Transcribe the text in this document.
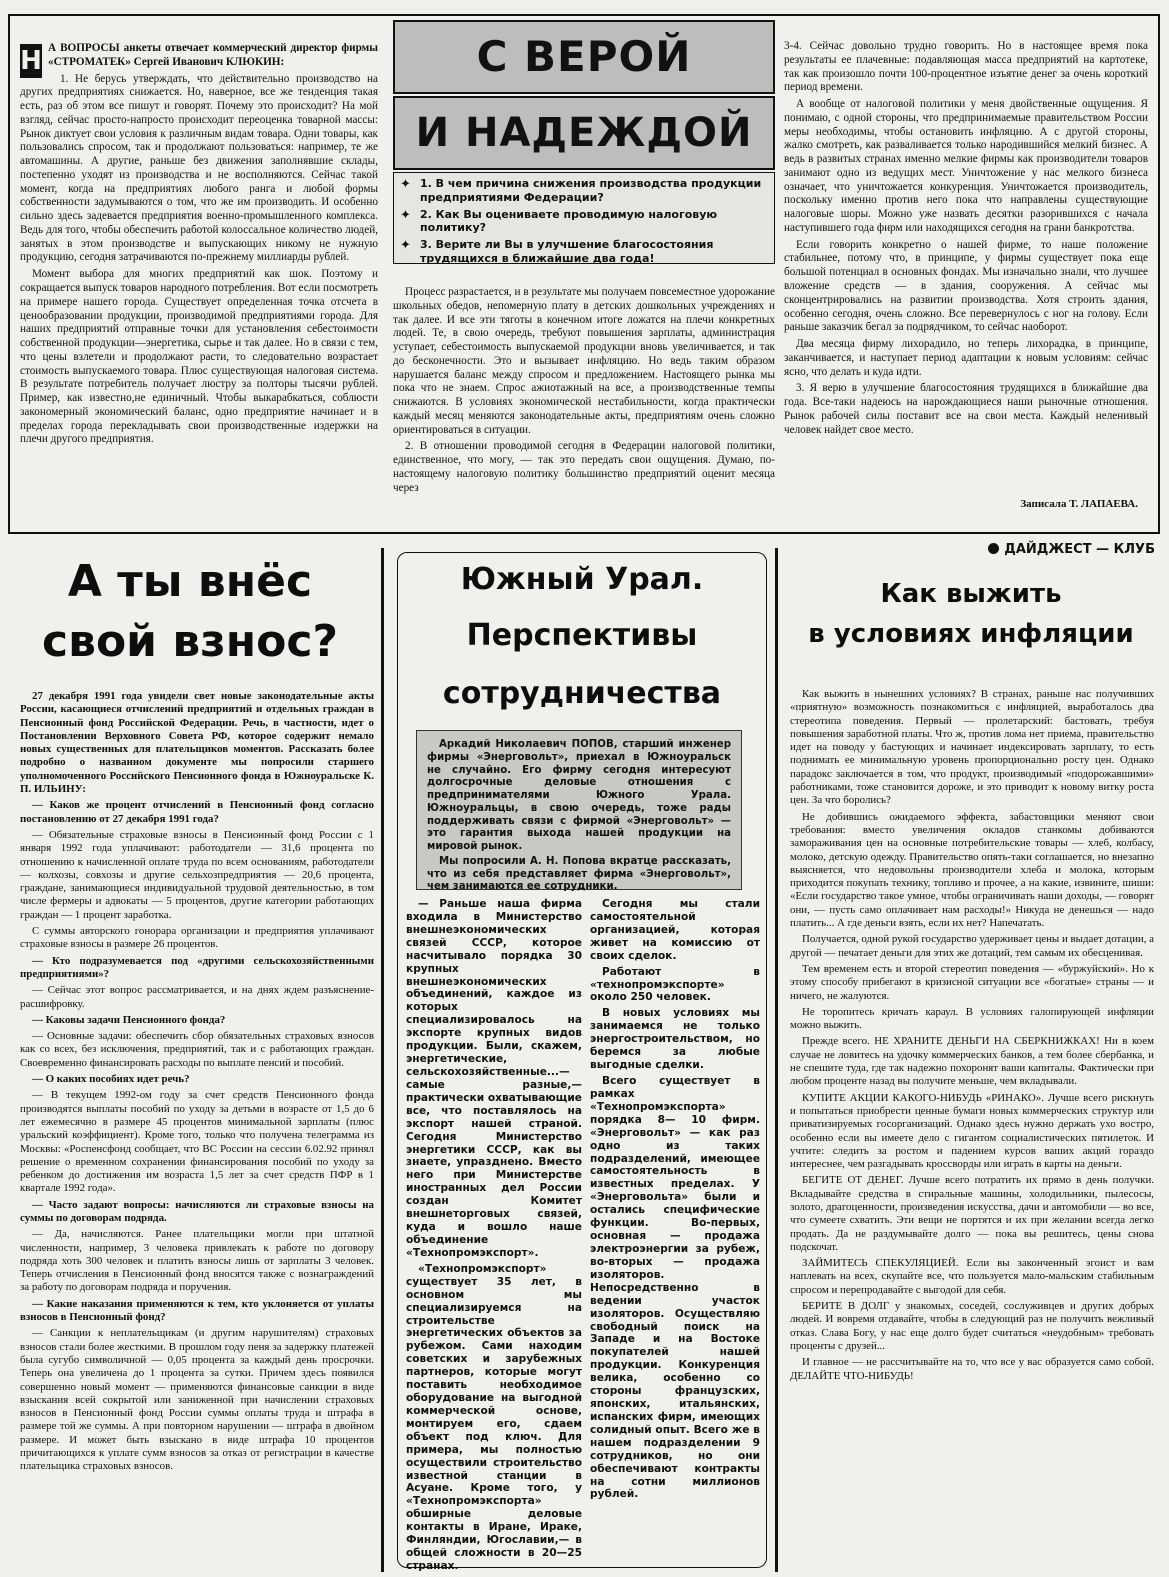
Н А ВОПРОСЫ анкеты отвечает коммерческий директор фирмы «СТРОМАТЕК» Сергей Иванович КЛЮКИН:

1. Не берусь утверждать, что действительно производство на других предприятиях снижается. Но, наверное, все же тенденция такая есть, раз об этом все пишут и говорят. Почему это происходит? На мой взгляд, сейчас просто-напросто происходит переоценка товарной массы: Рынок диктует свои условия к различным видам товара. Одни товары, как пользовались спросом, так и продолжают пользоваться: например, те же автомашины. А другие, раньше без движения заполнявшие склады, постепенно уходят из производства и не восполняются. Сейчас такой момент, когда на предприятиях любого ранга и любой формы собственности задумываются о том, что же им производить. И особенно сильно здесь задевается предприятия военно-промышленного комплекса. Ведь для того, чтобы обеспечить работой колоссальное количество людей, занятых в этом производстве и выпускающих никому не нужную продукцию, сегодня затрачиваются по-прежнему миллиарды рублей.

Момент выбора для многих предприятий как шок. Поэтому и сокращается выпуск товаров народного потребления. Вот если посмотреть на примере нашего города. Существует определенная точка отсчета в ценообразовании продукции, производимой предприятиями города. Для наших предприятий отправные точки для установления себестоимости собственной продукции—энергетика, сырье и так далее. Но в связи с тем, что цены взлетели и продолжают расти, то следовательно возрастает стоимость выпускаемого товара. Плюс существующая налоговая система. В результате потребитель получает люстру за полторы тысячи рублей. Пример, как известно,не единичный. Чтобы выкарабкаться, соблюсти закономерный экономический баланс, одно предприятие начинает и в пределах города перекладывать свои производственные издержки на плечи другого предприятия.

С ВЕРОЙ
И НАДЕЖДОЙ
✦ 1. В чем причина снижения производства продукции предприятиями Федерации?
✦ 2. Как Вы оцениваете проводимую налоговую политику?
✦ 3. Верите ли Вы в улучшение благосостояния трудящихся в ближайшие два года!

Процесс разрастается, и в результате мы получаем повсеместное удорожание школьных обедов, непомерную плату в детских дошкольных учреждениях и так далее. И все эти тяготы в конечном итоге ложатся на плечи конкретных людей. Те, в свою очередь, требуют повышения зарплаты, администрация уступает, себестоимость выпускаемой продукции вновь увеличивается, и так до бесконечности. Это и вызывает инфляцию. Но ведь таким образом нарушается баланс между спросом и предложением. Настоящего рынка мы пока что не знаем. Спрос ажиотажный на все, а производственные темпы снижаются. В условиях экономической нестабильности, когда практически каждый месяц меняются законодательные акты, предприятиям очень сложно ориентироваться в ситуации.

2. В отношении проводимой сегодня в Федерации налоговой политики, единственное, что могу, — так это передать свои ощущения. Думаю, по-настоящему налоговую политику большинство предприятий оценит месяца через

3-4. Сейчас довольно трудно говорить. Но в настоящее время пока результаты ее плачевные: подавляющая масса предприятий на картотеке, так как произошло почти 100-процентное изъятие денег за очень короткий период времени.

А вообще от налоговой политики у меня двойственные ощущения. Я понимаю, с одной стороны, что предпринимаемые правительством России меры необходимы, чтобы остановить инфляцию. А с другой стороны, жалко смотреть, как разваливается только народившийся мелкий бизнес. А ведь в развитых странах именно мелкие фирмы как производители товаров занимают одно из ведущих мест. Уничтожение у нас мелкого бизнеса означает, что уничтожается конкуренция. Уничтожается производитель, поскольку именно против него пока что направлены существующие налоговые шоры. Можно уже назвать десятки разорившихся с начала наступившего года фирм или находящихся сегодня на грани банкротства.

Если говорить конкретно о нашей фирме, то наше положение стабильнее, потому что, в принципе, у фирмы существует пока еще большой потенциал в основных фондах. Мы изначально знали, что лучшее вложение средств — в здания, сооружения. А сейчас мы сконцентрировались на развитии производства. Хотя строить здания, особенно сегодня, очень сложно. Все перевернулось с ног на голову. Если раньше заказчик бегал за подрядчиком, то сейчас наоборот.

Два месяца фирму лихорадило, но теперь лихорадка, в принципе, заканчивается, и наступает период адаптации к новым условиям: сейчас ясно, что делать и куда идти.

3. Я верю в улучшение благосостояния трудящихся в ближайшие два года. Все-таки надеюсь на нарождающиеся наши рыночные отношения. Рынок рабочей силы поставит все на свои места. Каждый неленивый человек найдет свое место.

Записала Т. ЛАПАЕВА.
А ты внёс
свой взнос?

27 декабря 1991 года увидели свет новые законодательные акты России, касающиеся отчислений предприятий и отдельных граждан в Пенсионный фонд Российской Федерации. Речь, в частности, идет о Постановлении Верховного Совета РФ, которое содержит немало новых существенных для плательщиков моментов. Рассказать более подробно о названном документе мы попросили старшего уполномоченного Российского Пенсионного фонда в Южноуральске К. П. ИЛЬИНУ:

— Каков же процент отчислений в Пенсионный фонд согласно постановлению от 27 декабря 1991 года?

— Обязательные страховые взносы в Пенсионный фонд России с 1 января 1992 года уплачивают: работодатели — 31,6 процента по отношению к начисленной оплате труда по всем основаниям, работодатели — колхозы, совхозы и другие сельхозпредприятия — 20,6 процента, граждане, занимающиеся индивидуальной трудовой деятельностью, в том числе фермеры и адвокаты — 5 процентов, другие категории работающих граждан — 1 процент заработка.

С суммы авторского гонорара организации и предприятия уплачивают страховые взносы в размере 26 процентов.

— Кто подразумевается под «другими сельскохозяйственными предприятиями»?

— Сейчас этот вопрос рассматривается, и на днях ждем разъяснение-расшифровку.

— Каковы задачи Пенсионного фонда?

— Основные задачи: обеспечить сбор обязательных страховых взносов как со всех, без исключения, предприятий, так и с работающих граждан. Своевременно финансировать расходы по выплате пенсий и пособий.

— О каких пособиях идет речь?

— В текущем 1992-ом году за счет средств Пенсионного фонда производятся выплаты пособий по уходу за детьми в возрасте от 1,5 до 6 лет ежемесячно в размере 45 процентов минимальной зарплаты (плюс уральский коэффициент). Кроме того, только что получена телеграмма из Москвы: «Роспенсфонд сообщает, что ВС России на сессии 6.02.92 принял решение о временном сохранении финансирования пособий по уходу за ребенком до достижения им возраста 1,5 лет за счет средств ПФР в 1 квартале 1992 года».

— Часто задают вопросы: начисляются ли страховые взносы на суммы по договорам подряда.

— Да, начисляются. Ранее плательщики могли при штатной численности, например, 3 человека привлекать к работе по договору подряда хоть 300 человек и платить взносы лишь от зарплаты 3 человек. Теперь отчисления в Пенсионный фонд вносятся также с вознаграждений за работу по договорам подряда и поручения.

— Какие наказания применяются к тем, кто уклоняется от уплаты взносов в Пенсионный фонд?

— Санкции к неплательщикам (и другим нарушителям) страховых взносов стали более жесткими. В прошлом году пеня за задержку платежей была сугубо символичной — 0,05 процента за каждый день просрочки. Теперь она увеличена до 1 процента за сутки. Причем здесь появился совершенно новый момент — применяются финансовые санкции в виде взыскания всей сокрытой или заниженной при начислении страховых взносов в Пенсионный фонд России суммы оплаты труда и штрафа в размере той же суммы. А при повторном нарушении — штрафа в двойном размере. И может быть взыскано в виде штрафа 10 процентов причитающихся к уплате сумм взносов за отказ от регистрации в качестве плательщика страховых взносов.

Южный Урал.
Перспективы
сотрудничества

Аркадий Николаевич ПОПОВ, старший инженер фирмы «Энерговольт», приехал в Южноуральск не случайно. Его фирму сегодня интересуют долгосрочные деловые отношения с предпринимателями Южного Урала. Южноуральцы, в свою очередь, тоже рады поддерживать связи с фирмой «Энерговольт» — это гарантия выхода нашей продукции на мировой рынок.

Мы попросили А. Н. Попова вкратце рассказать, что из себя представляет фирма «Энерговольт», чем занимаются ее сотрудники.

— Раньше наша фирма входила в Министерство внешнеэкономических связей СССР, которое насчитывало порядка 30 крупных внешнеэкономических объединений, каждое из которых специализировалось на экспорте крупных видов продукции. Были, скажем, энергетические, сельскохозяйственные...— самые разные,— практически охватывающие все, что поставлялось на экспорт нашей страной. Сегодня Министерство энергетики СССР, как вы знаете, упразднено. Вместо него при Министерстве иностранных дел России создан Комитет внешнеторговых связей, куда и вошло наше объединение «Технопромэкспорт».

«Технопромэкспорт» существует 35 лет, в основном мы специализируемся на строительстве энергетических объектов за рубежом. Сами находим советских и зарубежных партнеров, которые могут поставить необходимое оборудование на выгодной коммерческой основе, монтируем его, сдаем объект под ключ. Для примера, мы полностью осуществили строительство известной станции в Асуане. Кроме того, у «Технопромэкспорта» обширные деловые контакты в Иране, Ираке, Финляндии, Югославии,— в общей сложности в 20—25 странах.

Сегодня мы стали самостоятельной организацией, которая живет на комиссию от своих сделок.

Работают в «технопромэкспорте» около 250 человек.

В новых условиях мы занимаемся не только энергостроительством, но беремся за любые выгодные сделки.

Всего существует в рамках «Технопромэкспорта» порядка 8— 10 фирм. «Энерговольт» — как раз одно из таких подразделений, имеющее самостоятельность в известных пределах. У «Энерговольта» были и остались специфические функции. Во-первых, основная — продажа электроэнергии за рубеж, во-вторых — продажа изоляторов. Непосредственно в ведении участок изоляторов. Осуществляю свободный поиск на Западе и на Востоке покупателей нашей продукции. Конкуренция велика, особенно со стороны французских, японских, итальянских, испанских фирм, имеющих солидный опыт. Всего же в нашем подразделении 9 сотрудников, но они обеспечивают контракты на сотни миллионов рублей.

ДАЙДЖЕСТ — КЛУБ
Как выжить
в условиях инфляции

Как выжить в нынешних условиях? В странах, раньше нас получивших «приятную» возможность познакомиться с инфляцией, выработалось два стереотипа поведения. Первый — пролетарский: бастовать, требуя повышения заработной платы. Что ж, против лома нет приема, правительство идет на поводу у бастующих и начинает индексировать зарплату, то есть поднимать ее минимальную уровень пропорционально росту цен. Однако парадокс заключается в том, что продукт, производимый «подорожавшими» работниками, тоже становится дороже, и это приводит к новому витку роста цен. За что боролись?

Не добившись ожидаемого эффекта, забастовщики меняют свои требования: вместо увеличения окладов станкомы добиваются замораживания цен на основные потребительские товары — хлеб, колбасу, молоко, детскую одежду. Правительство опять-таки соглашается, но внезапно выясняется, что недовольны производители хлеба и молока, которым приходится покупать технику, топливо и прочее, а на какие, извините, шиши: «Если государство такое умное, чтобы ограничивать наши доходы, — говорят они, — пусть само оплачивает нам расходы!» Никуда не денешься — надо платить... А где деньги взять, если их нет? Напечатать.

Получается, одной рукой государство удерживает цены и выдает дотации, а другой — печатает деньги для этих же дотаций, тем самым их обесценивая.

Тем временем есть и второй стереотип поведения — «буржуйский». Но к этому способу прибегают в кризисной ситуации все «богатые» страны — и ничего, не жалуются.

Не торопитесь кричать караул. В условиях галопирующей инфляции можно выжить.

Прежде всего. НЕ ХРАНИТЕ ДЕНЬГИ НА СБЕРКНИЖКАХ! Ни в коем случае не ловитесь на удочку коммерческих банков, а тем более сбербанка, и не спешите туда, где так надежно похоронят ваши капиталы. Фактически при любом проценте назад вы получите меньше, чем вкладывали.

КУПИТЕ АКЦИИ КАКОГО-НИБУДЬ «РИНАКО». Лучше всего рискнуть и попытаться приобрести ценные бумаги новых коммерческих структур или приватизируемых госорганизаций. Однако здесь нужно держать ухо востро, особенно если вы имеете дело с гигантом социалистических пятилеток. И учтите: следить за ростом и падением курсов ваших акций гораздо интереснее, чем разгадывать кроссворды или играть в карты на деньги.

БЕГИТЕ ОТ ДЕНЕГ. Лучше всего потратить их прямо в день получки. Вкладывайте средства в стиральные машины, холодильники, пылесосы, золото, драгоценности, произведения искусства, дачи и автомобили — во все, что сумеете схватить. Эти вещи не портятся и их при желании всегда легко продать. Да не раздумывайте долго — пока вы решитесь, цены снова подскочат.

ЗАЙМИТЕСЬ СПЕКУЛЯЦИЕЙ. Если вы законченный эгоист и вам наплевать на всех, скупайте все, что пользуется мало-мальским стабильным спросом и перепродавайте с выгодой для себя.

БЕРИТЕ В ДОЛГ у знакомых, соседей, сослуживцев и других добрых людей. И вовремя отдавайте, чтобы в следующий раз не получить вежливый отказ. Слава Богу, у нас еще долго будет считаться «неудобным» требовать проценты с друзей...

И главное — не рассчитывайте на то, что все у вас образуется само собой. ДЕЛАЙТЕ ЧТО-НИБУДЬ!
